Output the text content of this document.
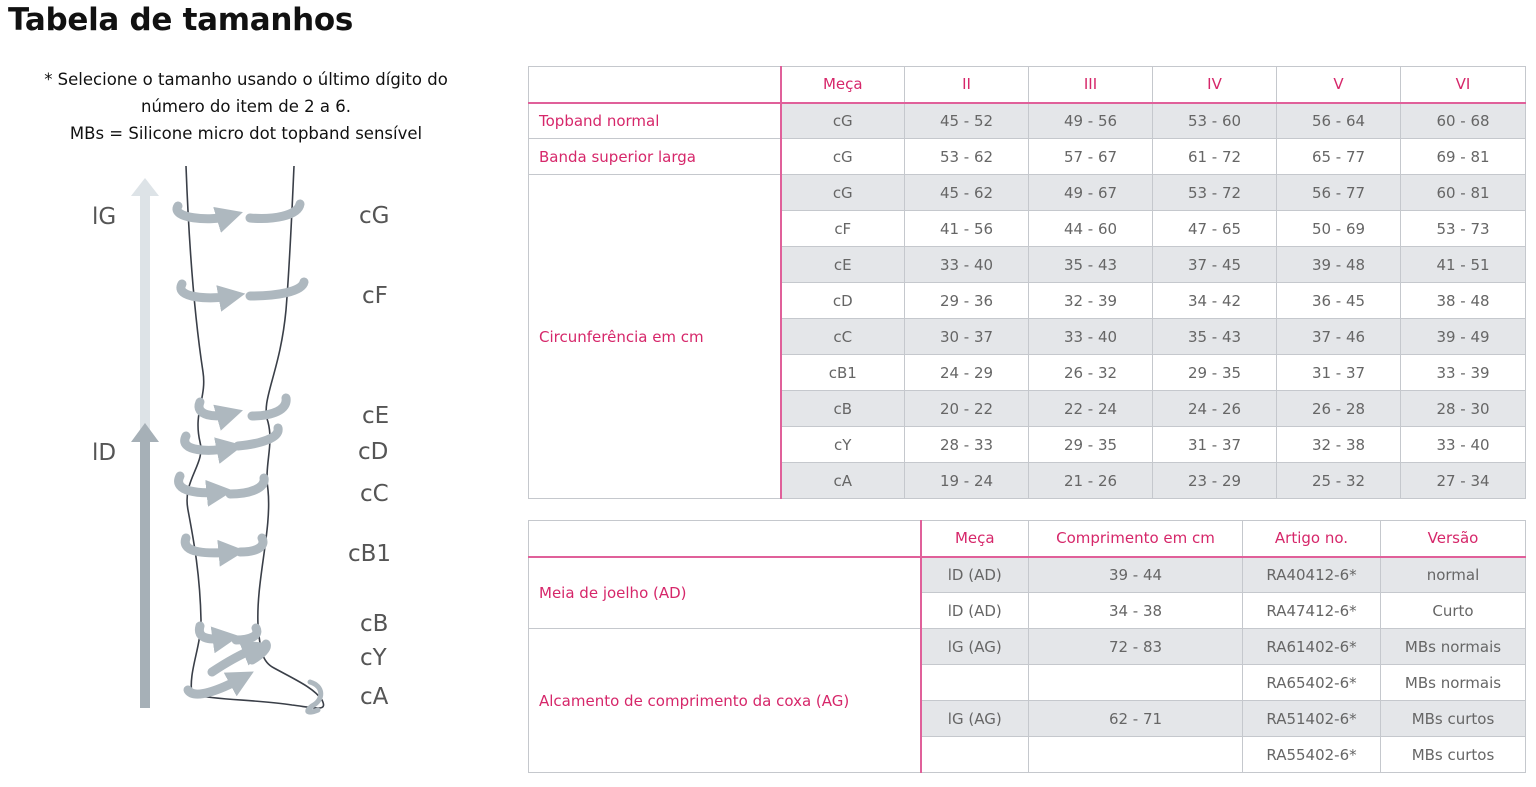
Tabela de tamanhos
* Selecione o tamanho usando o último dígito do
número do item de 2 a 6.
MBs = Silicone micro dot topband sensível
lG
lD
cG
cF
cE
cD
cC
cB1
cB
cY
cA
	Meça	II	III	IV	V	VI
Topband normal	cG	45 - 52	49 - 56	53 - 60	56 - 64	60 - 68
Banda superior larga	cG	53 - 62	57 - 67	61 - 72	65 - 77	69 - 81
Circunferência em cm	cG	45 - 62	49 - 67	53 - 72	56 - 77	60 - 81
	cF	41 - 56	44 - 60	47 - 65	50 - 69	53 - 73
	cE	33 - 40	35 - 43	37 - 45	39 - 48	41 - 51
	cD	29 - 36	32 - 39	34 - 42	36 - 45	38 - 48
	cC	30 - 37	33 - 40	35 - 43	37 - 46	39 - 49
	cB1	24 - 29	26 - 32	29 - 35	31 - 37	33 - 39
	cB	20 - 22	22 - 24	24 - 26	26 - 28	28 - 30
	cY	28 - 33	29 - 35	31 - 37	32 - 38	33 - 40
	cA	19 - 24	21 - 26	23 - 29	25 - 32	27 - 34
	Meça	Comprimento em cm	Artigo no.	Versão
Meia de joelho (AD)	lD (AD)	39 - 44	RA40412-6*	normal
	lD (AD)	34 - 38	RA47412-6*	Curto
Alcamento de comprimento da coxa (AG)	lG (AG)	72 - 83	RA61402-6*	MBs normais
			RA65402-6*	MBs normais
	lG (AG)	62 - 71	RA51402-6*	MBs curtos
			RA55402-6*	MBs curtos
